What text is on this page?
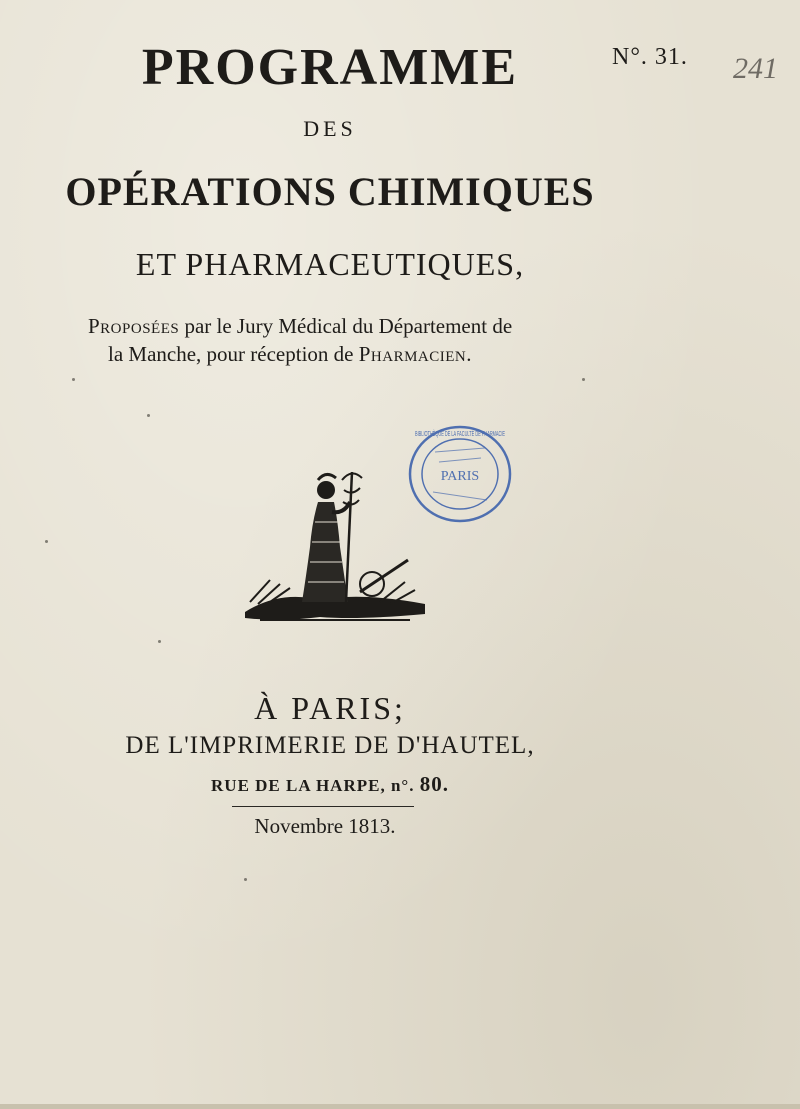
PROGRAMME	N°. 31. 241
DES
OPÉRATIONS CHIMIQUES
ET PHARMACEUTIQUES,
Proposées par le Jury Médical du Département de
la Manche, pour réception de Pharmacien.
PARIS
BIBLIOTHÈQUE DE LA FACULTÉ DE PHARMACIE
À PARIS;
DE L'IMPRIMERIE DE D'HAUTEL,
RUE DE LA HARPE, n°. 80.
Novembre 1813.
